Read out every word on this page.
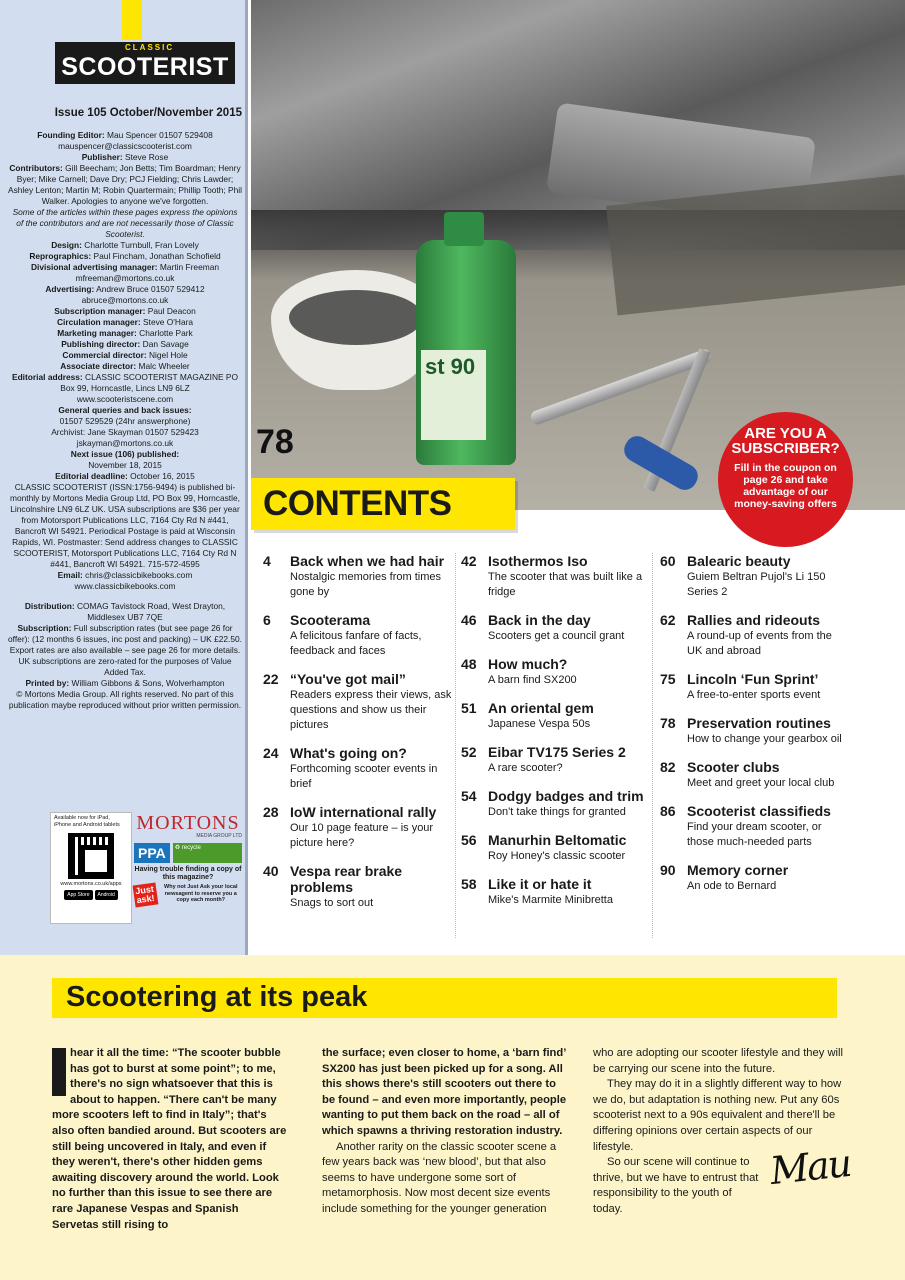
CLASSIC
SCOOTERIST
Issue 105 October/November 2015

Founding Editor: Mau Spencer 01507 529408

mauspencer@classicscooterist.com

Publisher: Steve Rose

Contributors: Gill Beecham; Jon Betts; Tim Boardman; Henry Byer; Mike Carnell; Dave Dry; PCJ Fielding; Chris Lawder; Ashley Lenton; Martin M; Robin Quartermain; Phillip Tooth; Phil Walker. Apologies to anyone we've forgotten.

Some of the articles within these pages express the opinions of the contributors and are not necessarily those of Classic Scooterist.

Design: Charlotte Turnbull, Fran Lovely

Reprographics: Paul Fincham, Jonathan Schofield

Divisional advertising manager: Martin Freeman

mfreeman@mortons.co.uk

Advertising: Andrew Bruce 01507 529412

abruce@mortons.co.uk

Subscription manager: Paul Deacon

Circulation manager: Steve O'Hara

Marketing manager: Charlotte Park

Publishing director: Dan Savage

Commercial director: Nigel Hole

Associate director: Malc Wheeler

Editorial address: CLASSIC SCOOTERIST MAGAZINE PO Box 99, Horncastle, Lincs LN9 6LZ

www.scooteristscene.com

General queries and back issues:

01507 529529 (24hr answerphone)

Archivist: Jane Skayman 01507 529423

jskayman@mortons.co.uk

Next issue (106) published:

November 18, 2015

Editorial deadline: October 16, 2015

CLASSIC SCOOTERIST (ISSN:1756-9494) is published bi-monthly by Mortons Media Group Ltd, PO Box 99, Horncastle, Lincolnshire LN9 6LZ UK. USA subscriptions are $36 per year from Motorsport Publications LLC, 7164 Cty Rd N #441, Bancroft WI 54921. Periodical Postage is paid at Wisconsin Rapids, WI. Postmaster: Send address changes to CLASSIC SCOOTERIST, Motorsport Publications LLC, 7164 Cty Rd N #441, Bancroft WI 54921. 715-572-4595

Email: chris@classicbikebooks.com www.classicbikebooks.com

Distribution: COMAG Tavistock Road, West Drayton, Middlesex UB7 7QE

Subscription: Full subscription rates (but see page 26 for offer): (12 months 6 issues, inc post and packing) – UK £22.50. Export rates are also available – see page 26 for more details. UK subscriptions are zero-rated for the purposes of Value Added Tax.

Printed by: William Gibbons & Sons, Wolverhampton

© Mortons Media Group. All rights reserved. No part of this publication maybe reproduced without prior written permission.

Available now for iPad, iPhone and Android tablets
www.mortons.co.uk/apps
App Store	Android
MORTONS
MEDIA GROUP LTD
PPA	♻ recycle
Having trouble finding a copy of this magazine?
Just ask!
Why not Just Ask your local newsagent to reserve you a copy each month?
st 90
78
CONTENTS
ARE YOU A SUBSCRIBER?
Fill in the coupon on page 26 and take advantage of our money-saving offers
4	Back when we had hair
Nostalgic memories from times gone by
6	Scooterama
A felicitous fanfare of facts, feedback and faces
22 “You've got mail”
Readers express their views, ask questions and show us their pictures
24 What's going on?
Forthcoming scooter events in brief
28 IoW international rally
Our 10 page feature – is your picture here?
40 Vespa rear brake problems
Snags to sort out
42 Isothermos Iso
The scooter that was built like a fridge
46 Back in the day
Scooters get a council grant
48 How much?
A barn find SX200
51 An oriental gem
Japanese Vespa 50s
52 Eibar TV175 Series 2
A rare scooter?
54 Dodgy badges and trim
Don't take things for granted
56 Manurhin Beltomatic
Roy Honey's classic scooter
58 Like it or hate it
Mike's Marmite Minibretta
60 Balearic beauty
Guiem Beltran Pujol's Li 150 Series 2
62 Rallies and rideouts
A round-up of events from the UK and abroad
75 Lincoln ‘Fun Sprint’
A free-to-enter sports event
78 Preservation routines
How to change your gearbox oil
82 Scooter clubs
Meet and greet your local club
86 Scooterist classifieds
Find your dream scooter, or those much-needed parts
90 Memory corner
An ode to Bernard
Scootering at its peak

hear it all the time: “The scooter bubble has got to burst at some point”; to me, there's no sign whatsoever that this is about to happen. “There can't be many more scooters left to find in Italy”; that's also often bandied around. But scooters are still being uncovered in Italy, and even if they weren't, there's other hidden gems awaiting discovery around the world. Look no further than this issue to see there are rare Japanese Vespas and Spanish Servetas still rising to

the surface; even closer to home, a ‘barn find’ SX200 has just been picked up for a song. All this shows there's still scooters out there to be found – and even more importantly, people wanting to put them back on the road – all of which spawns a thriving restoration industry.

Another rarity on the classic scooter scene a few years back was ‘new blood’, but that also seems to have undergone some sort of metamorphosis. Now most decent size events include something for the younger generation

who are adopting our scooter lifestyle and they will be carrying our scene into the future.

They may do it in a slightly different way to how we do, but adaptation is nothing new. Put any 60s scooterist next to a 90s equivalent and there'll be differing opinions over certain aspects of our lifestyle.

So our scene will continue to thrive, but we have to entrust that responsibility to the youth of today.

Mau
